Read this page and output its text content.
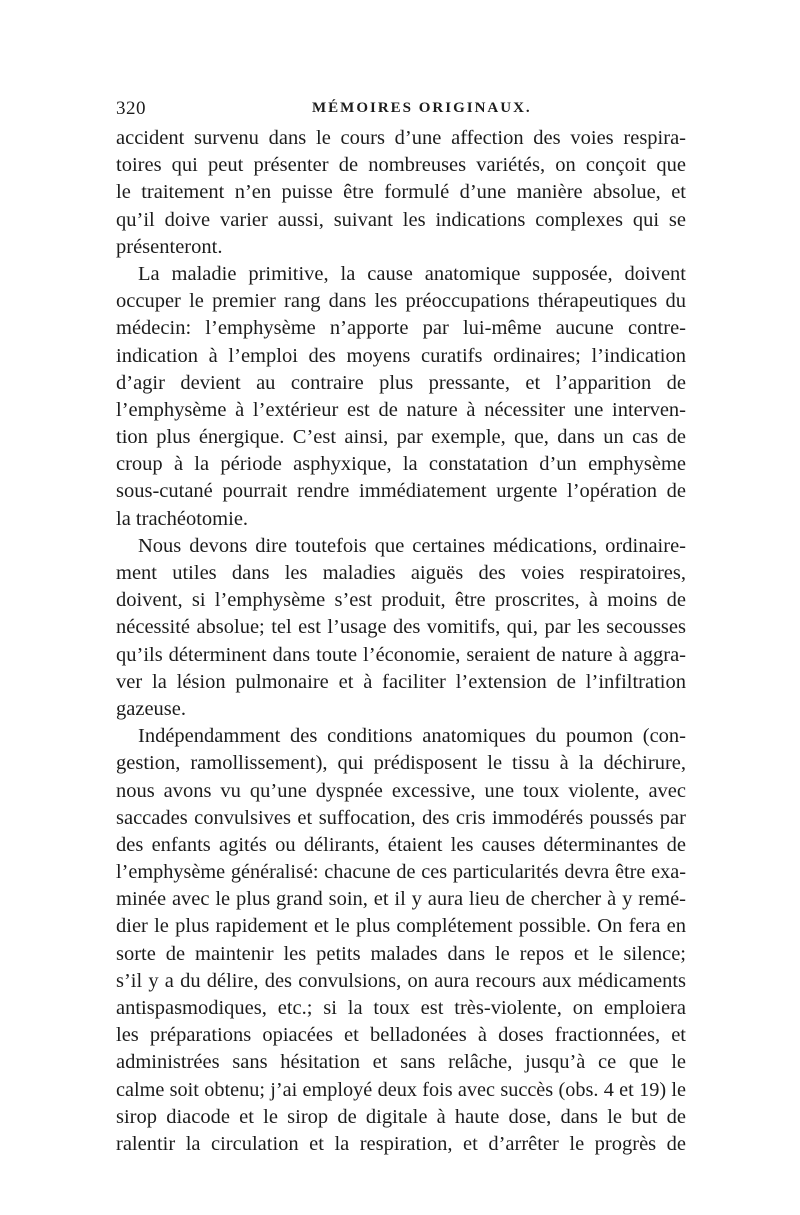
320	MÉMOIRES ORIGINAUX.
accident survenu dans le cours d’une affection des voies respira-
toires qui peut présenter de nombreuses variétés, on conçoit que
le traitement n’en puisse être formulé d’une manière absolue, et
qu’il doive varier aussi, suivant les indications complexes qui se
présenteront.
La maladie primitive, la cause anatomique supposée, doivent
occuper le premier rang dans les préoccupations thérapeutiques du
médecin: l’emphysème n’apporte par lui-même aucune contre-
indication à l’emploi des moyens curatifs ordinaires; l’indication
d’agir devient au contraire plus pressante, et l’apparition de
l’emphysème à l’extérieur est de nature à nécessiter une interven-
tion plus énergique. C’est ainsi, par exemple, que, dans un cas de
croup à la période asphyxique, la constatation d’un emphysème
sous-cutané pourrait rendre immédiatement urgente l’opération de
la trachéotomie.
Nous devons dire toutefois que certaines médications, ordinaire-
ment utiles dans les maladies aiguës des voies respiratoires,
doivent, si l’emphysème s’est produit, être proscrites, à moins de
nécessité absolue; tel est l’usage des vomitifs, qui, par les secousses
qu’ils déterminent dans toute l’économie, seraient de nature à aggra-
ver la lésion pulmonaire et à faciliter l’extension de l’infiltration
gazeuse.
Indépendamment des conditions anatomiques du poumon (con-
gestion, ramollissement), qui prédisposent le tissu à la déchirure,
nous avons vu qu’une dyspnée excessive, une toux violente, avec
saccades convulsives et suffocation, des cris immodérés poussés par
des enfants agités ou délirants, étaient les causes déterminantes de
l’emphysème généralisé: chacune de ces particularités devra être exa-
minée avec le plus grand soin, et il y aura lieu de chercher à y remé-
dier le plus rapidement et le plus complétement possible. On fera en
sorte de maintenir les petits malades dans le repos et le silence;
s’il y a du délire, des convulsions, on aura recours aux médicaments
antispasmodiques, etc.; si la toux est très-violente, on emploiera
les préparations opiacées et belladonées à doses fractionnées, et
administrées sans hésitation et sans relâche, jusqu’à ce que le
calme soit obtenu; j’ai employé deux fois avec succès (obs. 4 et 19) le
sirop diacode et le sirop de digitale à haute dose, dans le but de
ralentir la circulation et la respiration, et d’arrêter le progrès de
